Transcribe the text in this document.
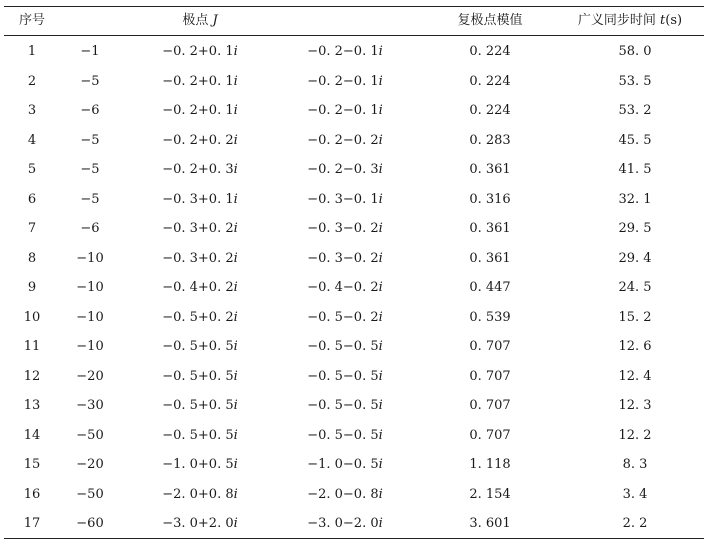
序号	极点 J	复极点模值	广义同步时间 t(s)
1	−1	−0. 2+0. 1i	−0. 2−0. 1i	0. 224	58. 0
2	−5	−0. 2+0. 1i	−0. 2−0. 1i	0. 224	53. 5
3	−6	−0. 2+0. 1i	−0. 2−0. 1i	0. 224	53. 2
4	−5	−0. 2+0. 2i	−0. 2−0. 2i	0. 283	45. 5
5	−5	−0. 2+0. 3i	−0. 2−0. 3i	0. 361	41. 5
6	−5	−0. 3+0. 1i	−0. 3−0. 1i	0. 316	32. 1
7	−6	−0. 3+0. 2i	−0. 3−0. 2i	0. 361	29. 5
8	−10	−0. 3+0. 2i	−0. 3−0. 2i	0. 361	29. 4
9	−10	−0. 4+0. 2i	−0. 4−0. 2i	0. 447	24. 5
10	−10	−0. 5+0. 2i	−0. 5−0. 2i	0. 539	15. 2
11	−10	−0. 5+0. 5i	−0. 5−0. 5i	0. 707	12. 6
12	−20	−0. 5+0. 5i	−0. 5−0. 5i	0. 707	12. 4
13	−30	−0. 5+0. 5i	−0. 5−0. 5i	0. 707	12. 3
14	−50	−0. 5+0. 5i	−0. 5−0. 5i	0. 707	12. 2
15	−20	−1. 0+0. 5i	−1. 0−0. 5i	1. 118	8. 3
16	−50	−2. 0+0. 8i	−2. 0−0. 8i	2. 154	3. 4
17	−60	−3. 0+2. 0i	−3. 0−2. 0i	3. 601	2. 2
